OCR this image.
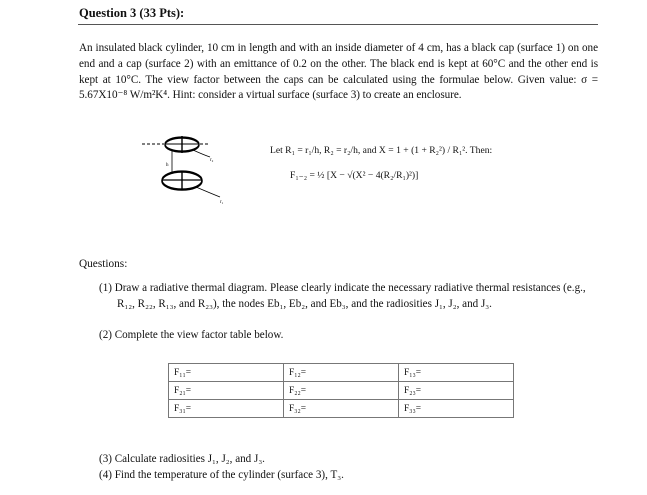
Question 3 (33 Pts):
An insulated black cylinder, 10 cm in length and with an inside diameter of 4 cm, has a black cap (surface 1) on one end and a cap (surface 2) with an emittance of 0.2 on the other. The black end is kept at 60°C and the other end is kept at 10°C. The view factor between the caps can be calculated using the formulae below. Given value: σ = 5.67X10⁻⁸ W/m²K⁴. Hint: consider a virtual surface (surface 3) to create an enclosure.
r₂
h
r₁
Let R₁ = r₁/h, R₂ = r₂/h, and X = 1 + (1 + R₂²) / R₁². Then:
F₁₋₂ = ½ [X − √(X² − 4(R₂/R₁)²)]
Questions:
(1) Draw a radiative thermal diagram. Please clearly indicate the necessary radiative thermal resistances (e.g., R₁₂, R₂₂, R₁₃, and R₂₃), the nodes Eb₁, Eb₂, and Eb₃, and the radiosities J₁, J₂, and J₃.
(2) Complete the view factor table below.
F₁₁=	F₁₂=	F₁₃=
F₂₁=	F₂₂=	F₂₃=
F₃₁=	F₃₂=	F₃₃=
(3) Calculate radiosities J₁, J₂, and J₃.
(4) Find the temperature of the cylinder (surface 3), T₃.
